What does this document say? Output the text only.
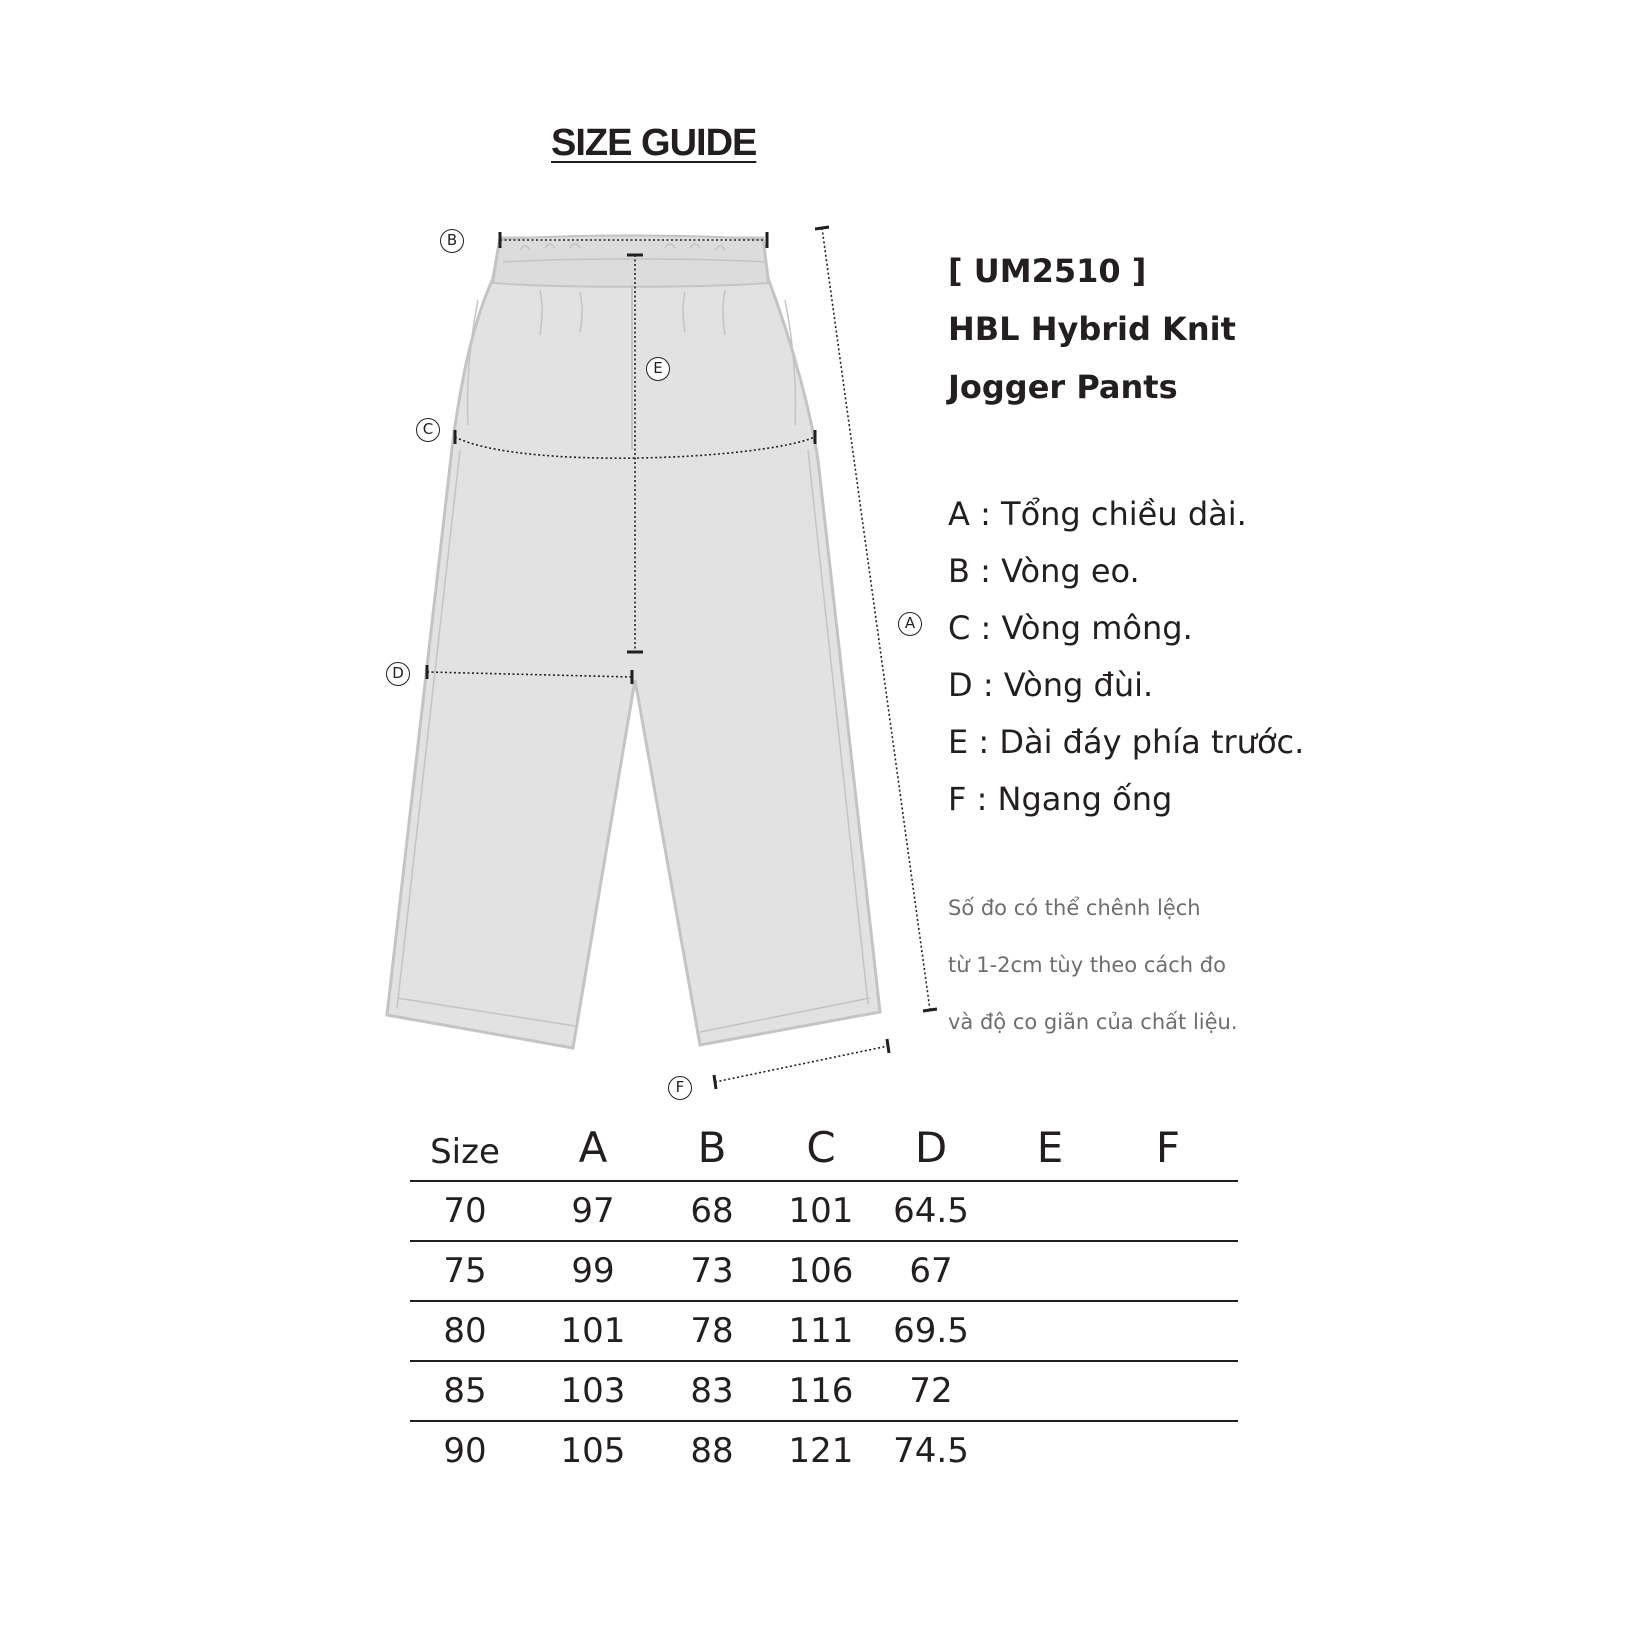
SIZE GUIDE
B
E
C
D
A
F
[ UM2510 ]
HBL Hybrid Knit
Jogger Pants
A : Tổng chiều dài.
B : Vòng eo.
C : Vòng mông.
D : Vòng đùi.
E : Dài đáy phía trước.
F : Ngang ống
Số đo có thể chênh lệch
từ 1-2cm tùy theo cách đo
và độ co giãn của chất liệu.
Size	A	B	C	D	E	F
70	97	68	101	64.5
75	99	73	106	67
80	101	78	111	69.5
85	103	83	116	72
90	105	88	121	74.5
